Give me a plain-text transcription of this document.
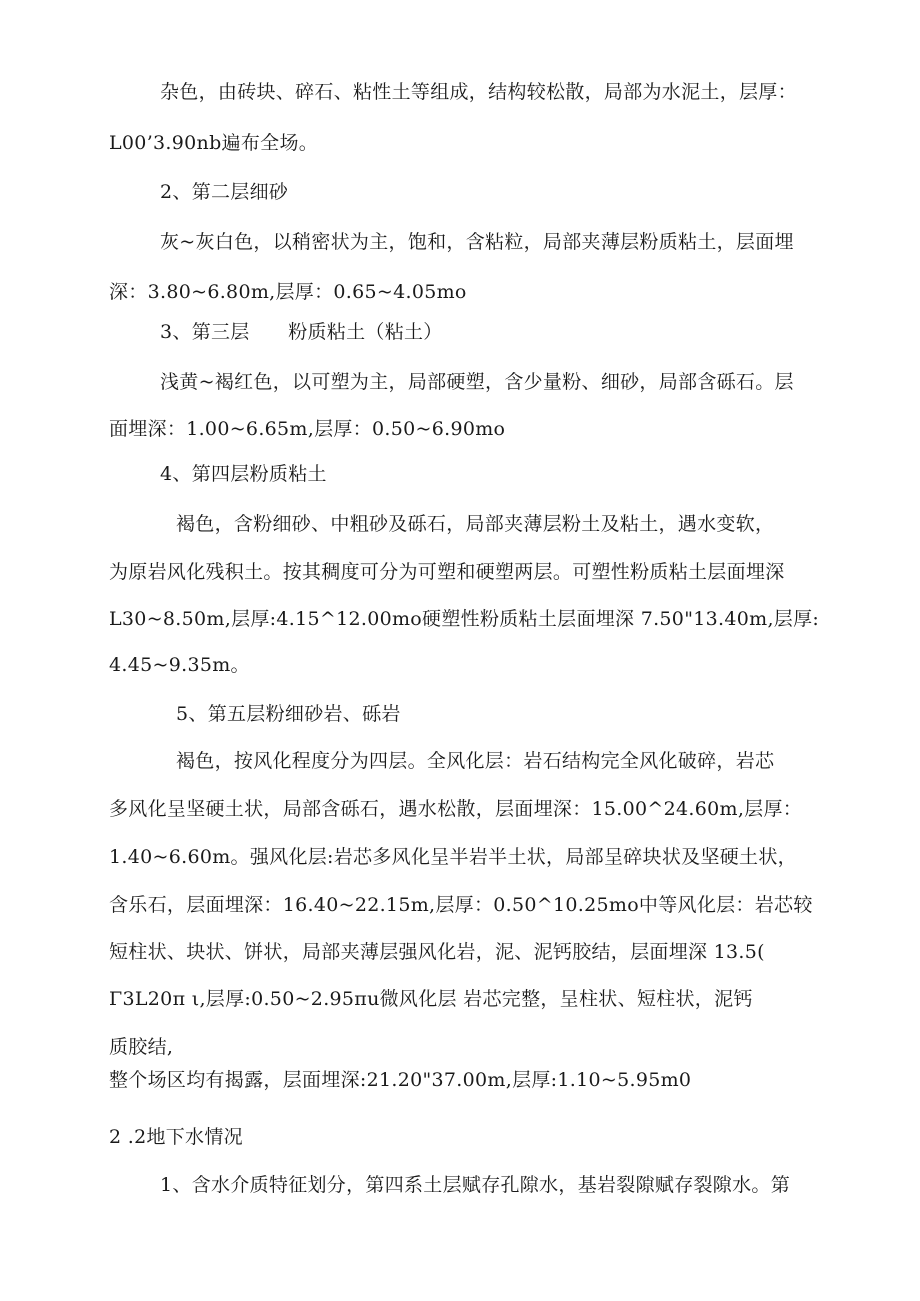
杂色，由砖块、碎石、粘性土等组成，结构较松散，局部为水泥土，层厚：
L00’3.90nb遍布全场。
2、第二层细砂
灰~灰白色，以稍密状为主，饱和，含粘粒，局部夹薄层粉质粘土，层面埋
深：3.80~6.80m,层厚：0.65~4.05mo
3、第三层　　粉质粘土（粘土）
浅黄~褐红色，以可塑为主，局部硬塑，含少量粉、细砂，局部含砾石。层
面埋深：1.00~6.65m,层厚：0.50~6.90mo
4、第四层粉质粘土
褐色，含粉细砂、中粗砂及砾石，局部夹薄层粉土及粘土，遇水变软，
为原岩风化残积土。按其稠度可分为可塑和硬塑两层。可塑性粉质粘土层面埋深
L30~8.50m,层厚:4.15^12.00mo硬塑性粉质粘土层面埋深 7.50"13.40m,层厚:
4.45~9.35m。
5、第五层粉细砂岩、砾岩
褐色，按风化程度分为四层。全风化层：岩石结构完全风化破碎，岩芯
多风化呈坚硬土状，局部含砾石，遇水松散，层面埋深：15.00^24.60m,层厚：
1.40~6.60m。强风化层:岩芯多风化呈半岩半土状，局部呈碎块状及坚硬土状，
含乐石，层面埋深：16.40~22.15m,层厚：0.50^10.25mo中等风化层：岩芯较
短柱状、块状、饼状，局部夹薄层强风化岩，泥、泥钙胶结，层面埋深 13.5(
Γ3L20π ι,层厚:0.50~2.95πu微风化层 岩芯完整，呈柱状、短柱状，泥钙
质胶结,
整个场区均有揭露，层面埋深:21.20"37.00m,层厚:1.10~5.95m0
2 .2地下水情况
1、含水介质特征划分，第四系土层赋存孔隙水，基岩裂隙赋存裂隙水。第
